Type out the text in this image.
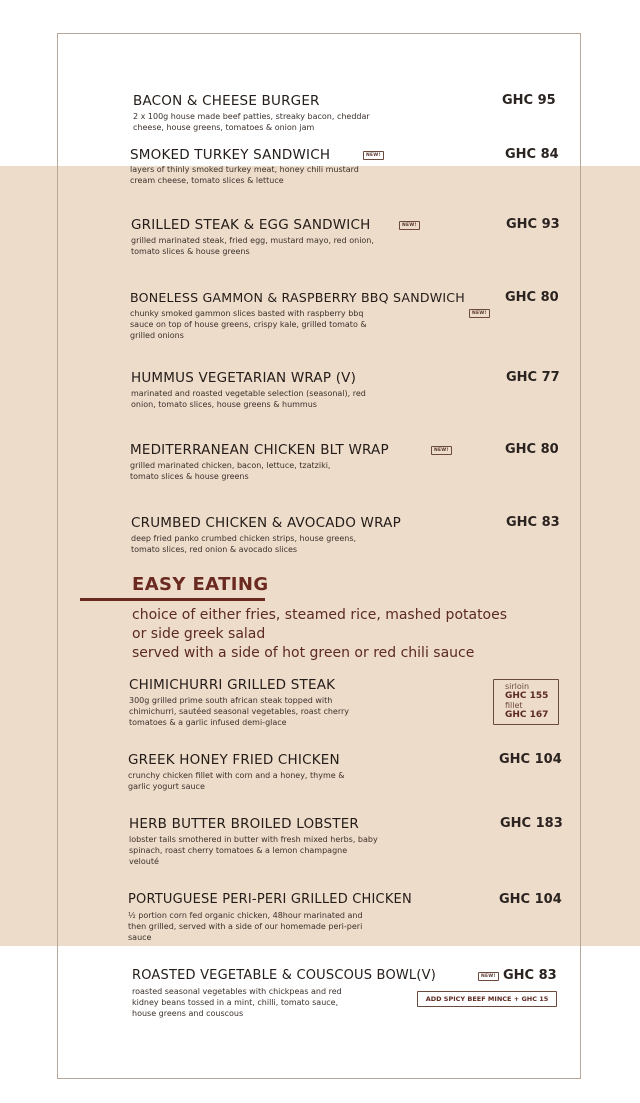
BACON & CHEESE BURGER
2 x 100g house made beef patties, streaky bacon, cheddar cheese, house greens, tomatoes & onion jam
GHC 95
SMOKED TURKEY SANDWICH	NEW!
layers of thinly smoked turkey meat, honey chili mustard cream cheese, tomato slices & lettuce
GHC 84
GRILLED STEAK & EGG SANDWICH	NEW!
grilled marinated steak, fried egg, mustard mayo, red onion, tomato slices & house greens
GHC 93
BONELESS GAMMON & RASPBERRY BBQ SANDWICH
NEW!
chunky smoked gammon slices basted with raspberry bbq sauce on top of house greens, crispy kale, grilled tomato & grilled onions
GHC 80
HUMMUS VEGETARIAN WRAP (V)
marinated and roasted vegetable selection (seasonal), red onion, tomato slices, house greens & hummus
GHC 77
MEDITERRANEAN CHICKEN BLT WRAP	NEW!
grilled marinated chicken, bacon, lettuce, tzatziki, tomato slices & house greens
GHC 80
CRUMBED CHICKEN & AVOCADO WRAP
deep fried panko crumbed chicken strips, house greens, tomato slices, red onion & avocado slices
GHC 83
EASY EATING
choice of either fries, steamed rice, mashed potatoes
or side greek salad
served with a side of hot green or red chili sauce
CHIMICHURRI GRILLED STEAK
300g grilled prime south african steak topped with chimichurri, sautéed seasonal vegetables, roast cherry tomatoes & a garlic infused demi-glace
sirloin
GHC 155
fillet
GHC 167
GREEK HONEY FRIED CHICKEN
crunchy chicken fillet with corn and a honey, thyme & garlic yogurt sauce
GHC 104
HERB BUTTER BROILED LOBSTER
lobster tails smothered in butter with fresh mixed herbs, baby spinach, roast cherry tomatoes & a lemon champagne velouté
GHC 183
PORTUGUESE PERI-PERI GRILLED CHICKEN
½ portion corn fed organic chicken, 48hour marinated and then grilled, served with a side of our homemade peri-peri sauce
GHC 104
ROASTED VEGETABLE & COUSCOUS BOWL(V)	NEW!
roasted seasonal vegetables with chickpeas and red kidney beans tossed in a mint, chilli, tomato sauce, house greens and couscous
GHC 83
ADD SPICY BEEF MINCE + GHC 15
